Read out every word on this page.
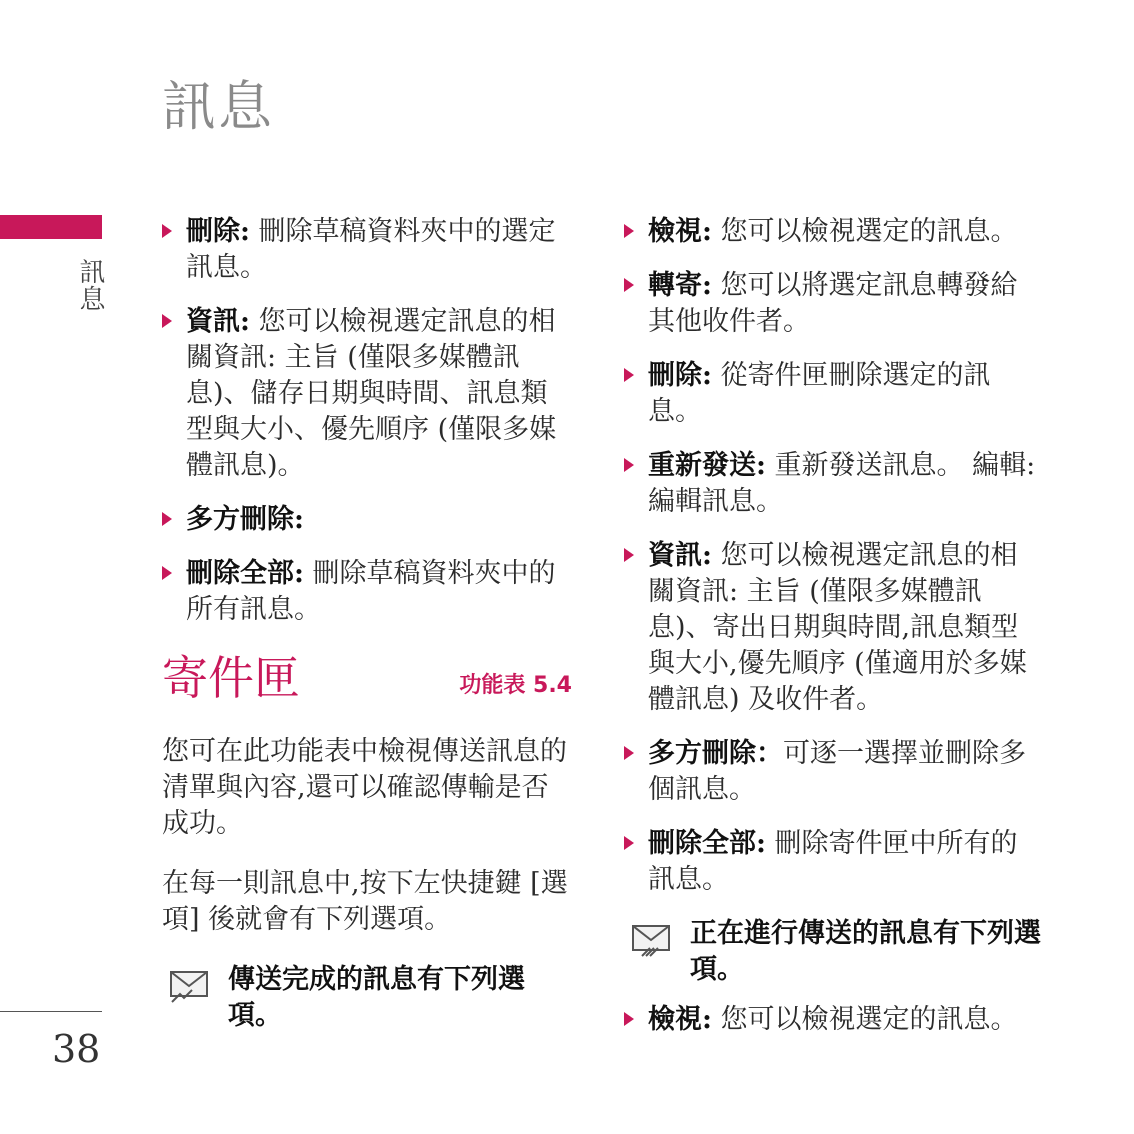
訊息
訊息
38
刪除: 刪除草稿資料夾中的選定訊息。
資訊: 您可以檢視選定訊息的相關資訊: 主旨 (僅限多媒體訊息)、儲存日期與時間、訊息類型與大小、優先順序 (僅限多媒體訊息)。
多方刪除:
刪除全部: 刪除草稿資料夾中的所有訊息。
寄件匣	功能表 5.4
您可在此功能表中檢視傳送訊息的清單與內容,還可以確認傳輸是否成功。
在每一則訊息中,按下左快捷鍵 [選項] 後就會有下列選項。
傳送完成的訊息有下列選項。
檢視: 您可以檢視選定的訊息。
轉寄: 您可以將選定訊息轉發給其他收件者。
刪除: 從寄件匣刪除選定的訊息。
重新發送: 重新發送訊息。 編輯: 編輯訊息。
資訊: 您可以檢視選定訊息的相關資訊: 主旨 (僅限多媒體訊息)、寄出日期與時間,訊息類型與大小,優先順序 (僅適用於多媒體訊息) 及收件者。
多方刪除：可逐一選擇並刪除多個訊息。
刪除全部: 刪除寄件匣中所有的訊息。
正在進行傳送的訊息有下列選項。
檢視: 您可以檢視選定的訊息。
